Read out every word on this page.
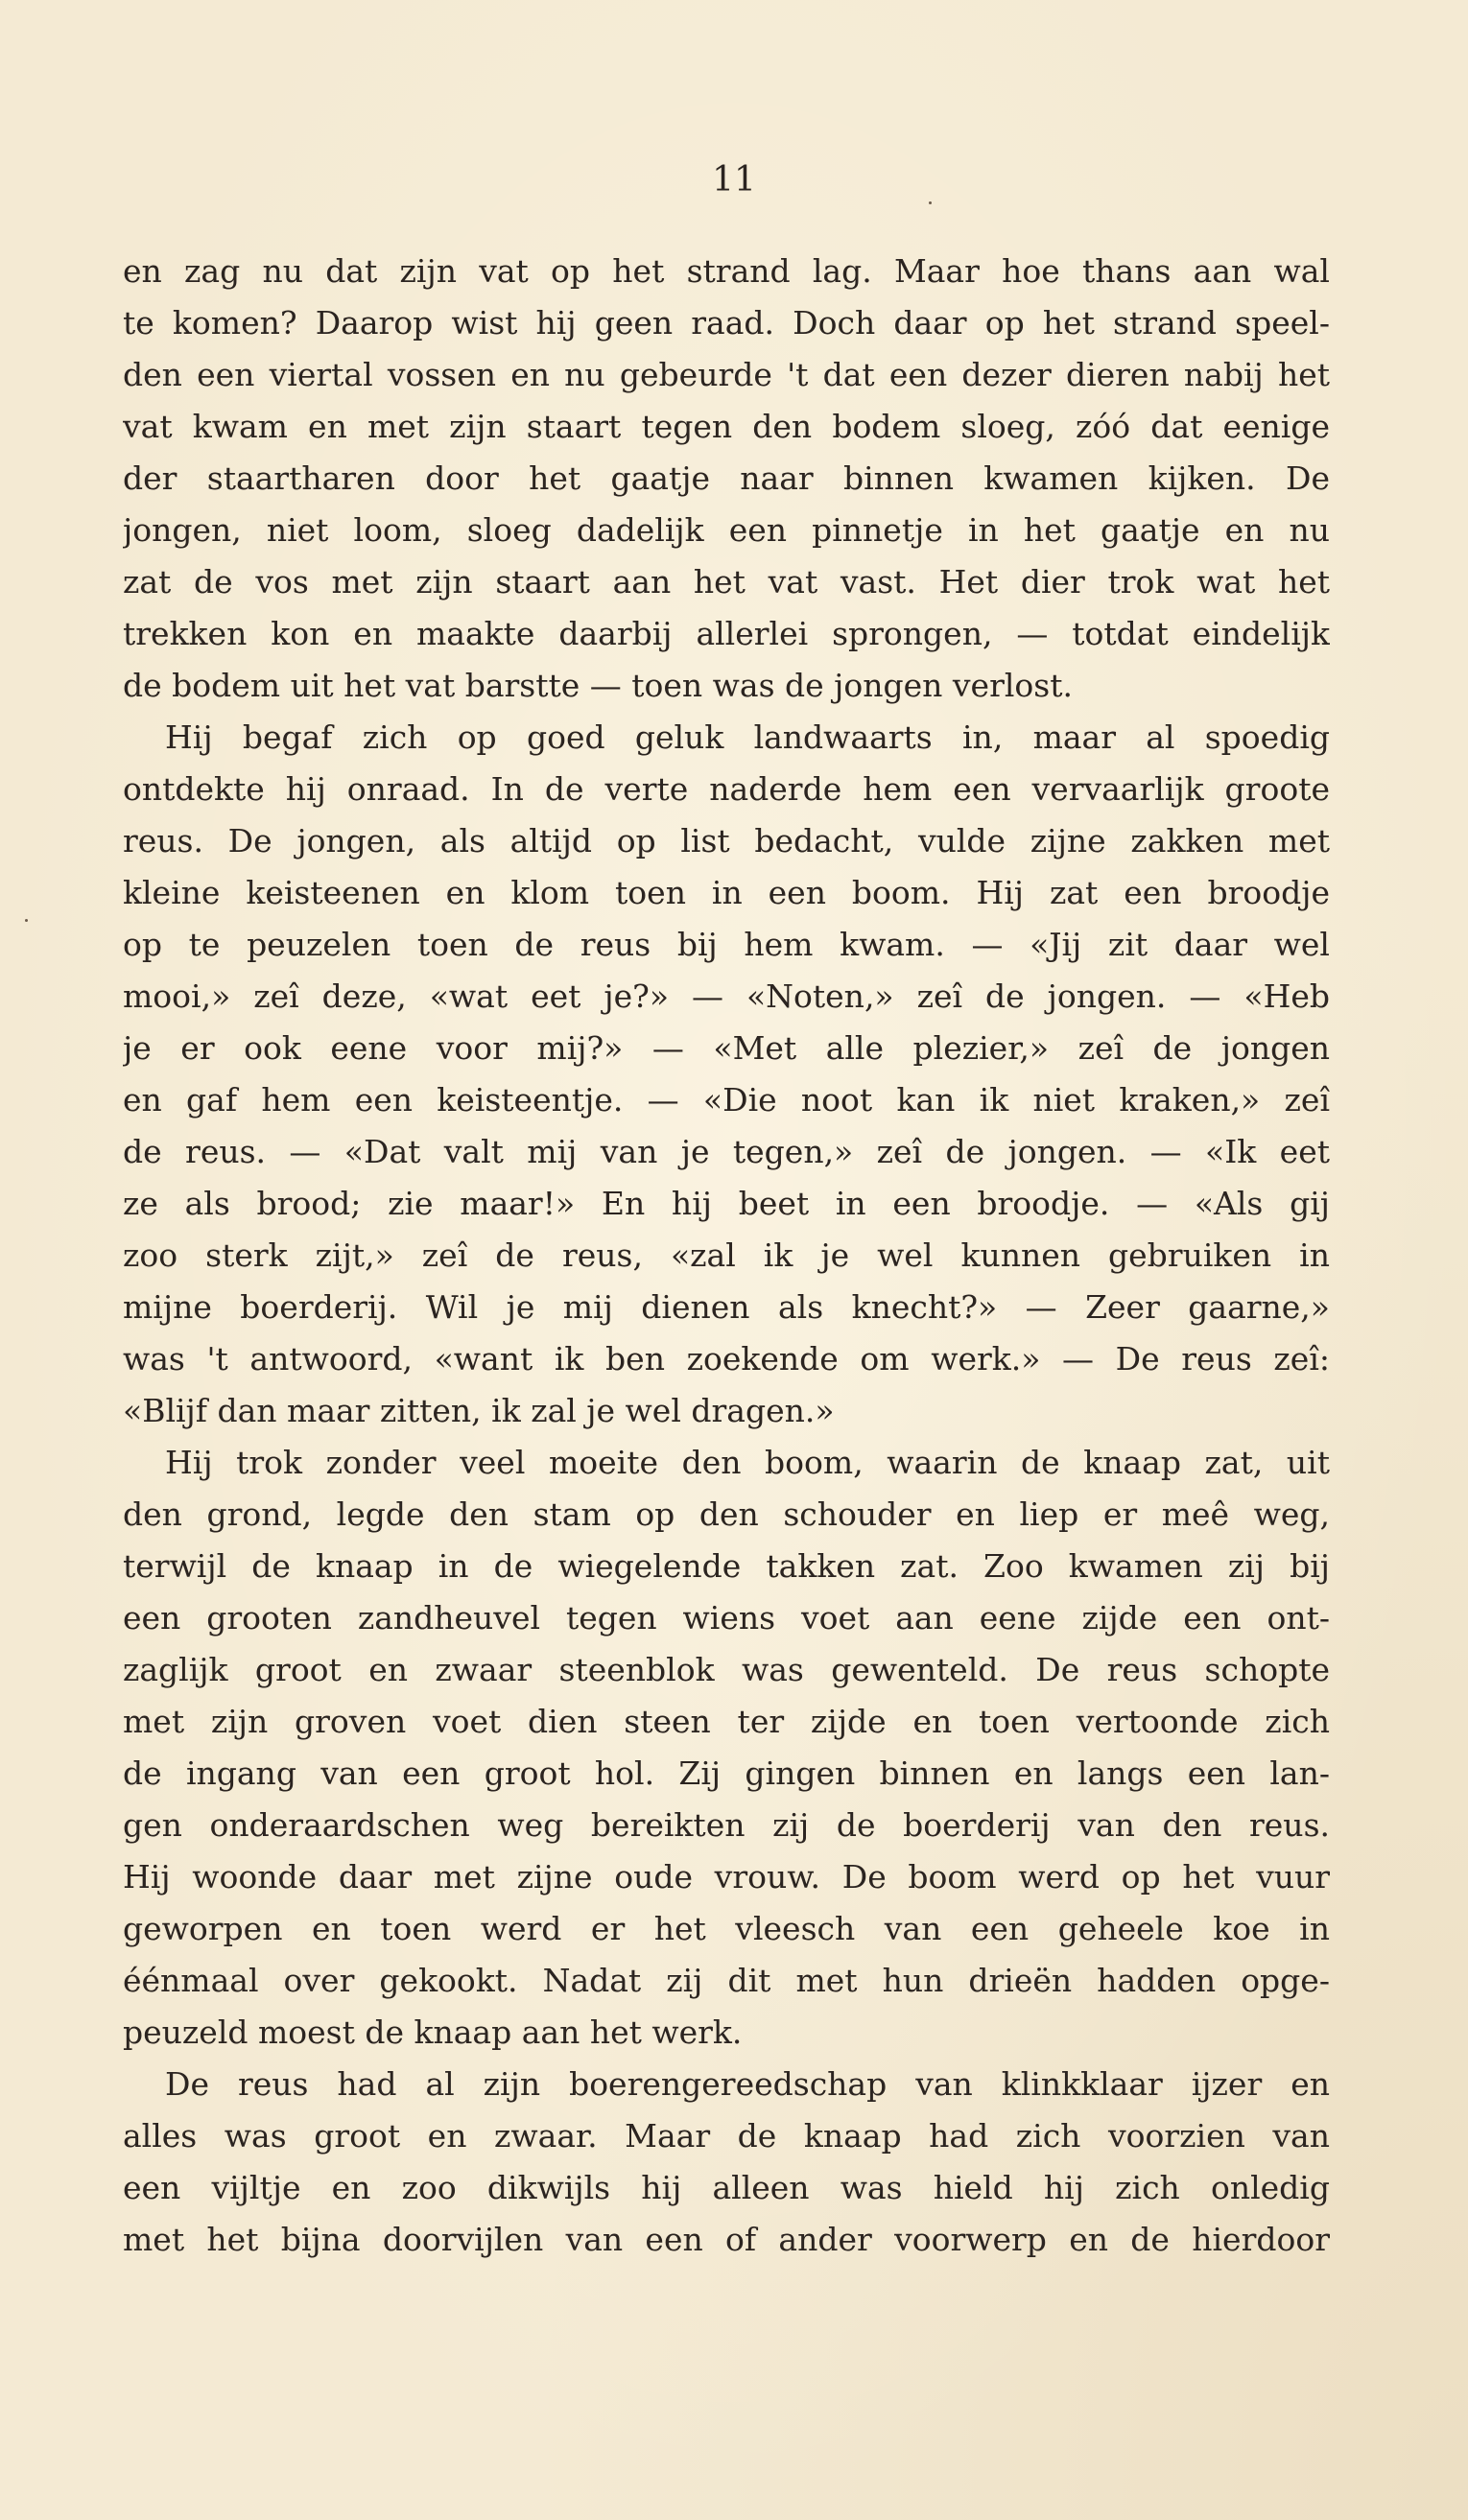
11
en zag nu dat zijn vat op het strand lag. Maar hoe thans aan wal
te komen? Daarop wist hij geen raad. Doch daar op het strand speel-
den een viertal vossen en nu gebeurde 't dat een dezer dieren nabij het
vat kwam en met zijn staart tegen den bodem sloeg, zóó dat eenige
der staartharen door het gaatje naar binnen kwamen kijken. De
jongen, niet loom, sloeg dadelijk een pinnetje in het gaatje en nu
zat de vos met zijn staart aan het vat vast. Het dier trok wat het
trekken kon en maakte daarbij allerlei sprongen, — totdat eindelijk
de bodem uit het vat barstte — toen was de jongen verlost.
Hij begaf zich op goed geluk landwaarts in, maar al spoedig
ontdekte hij onraad. In de verte naderde hem een vervaarlijk groote
reus. De jongen, als altijd op list bedacht, vulde zijne zakken met
kleine keisteenen en klom toen in een boom. Hij zat een broodje
op te peuzelen toen de reus bij hem kwam. — «Jij zit daar wel
mooi,» zeî deze, «wat eet je?» — «Noten,» zeî de jongen. — «Heb
je er ook eene voor mij?» — «Met alle plezier,» zeî de jongen
en gaf hem een keisteentje. — «Die noot kan ik niet kraken,» zeî
de reus. — «Dat valt mij van je tegen,» zeî de jongen. — «Ik eet
ze als brood; zie maar!» En hij beet in een broodje. — «Als gij
zoo sterk zijt,» zeî de reus, «zal ik je wel kunnen gebruiken in
mijne boerderij. Wil je mij dienen als knecht?» — Zeer gaarne,»
was 't antwoord, «want ik ben zoekende om werk.» — De reus zeî:
«Blijf dan maar zitten, ik zal je wel dragen.»
Hij trok zonder veel moeite den boom, waarin de knaap zat, uit
den grond, legde den stam op den schouder en liep er meê weg,
terwijl de knaap in de wiegelende takken zat. Zoo kwamen zij bij
een grooten zandheuvel tegen wiens voet aan eene zijde een ont-
zaglijk groot en zwaar steenblok was gewenteld. De reus schopte
met zijn groven voet dien steen ter zijde en toen vertoonde zich
de ingang van een groot hol. Zij gingen binnen en langs een lan-
gen onderaardschen weg bereikten zij de boerderij van den reus.
Hij woonde daar met zijne oude vrouw. De boom werd op het vuur
geworpen en toen werd er het vleesch van een geheele koe in
éénmaal over gekookt. Nadat zij dit met hun drieën hadden opge-
peuzeld moest de knaap aan het werk.
De reus had al zijn boerengereedschap van klinkklaar ijzer en
alles was groot en zwaar. Maar de knaap had zich voorzien van
een vijltje en zoo dikwijls hij alleen was hield hij zich onledig
met het bijna doorvijlen van een of ander voorwerp en de hierdoor
